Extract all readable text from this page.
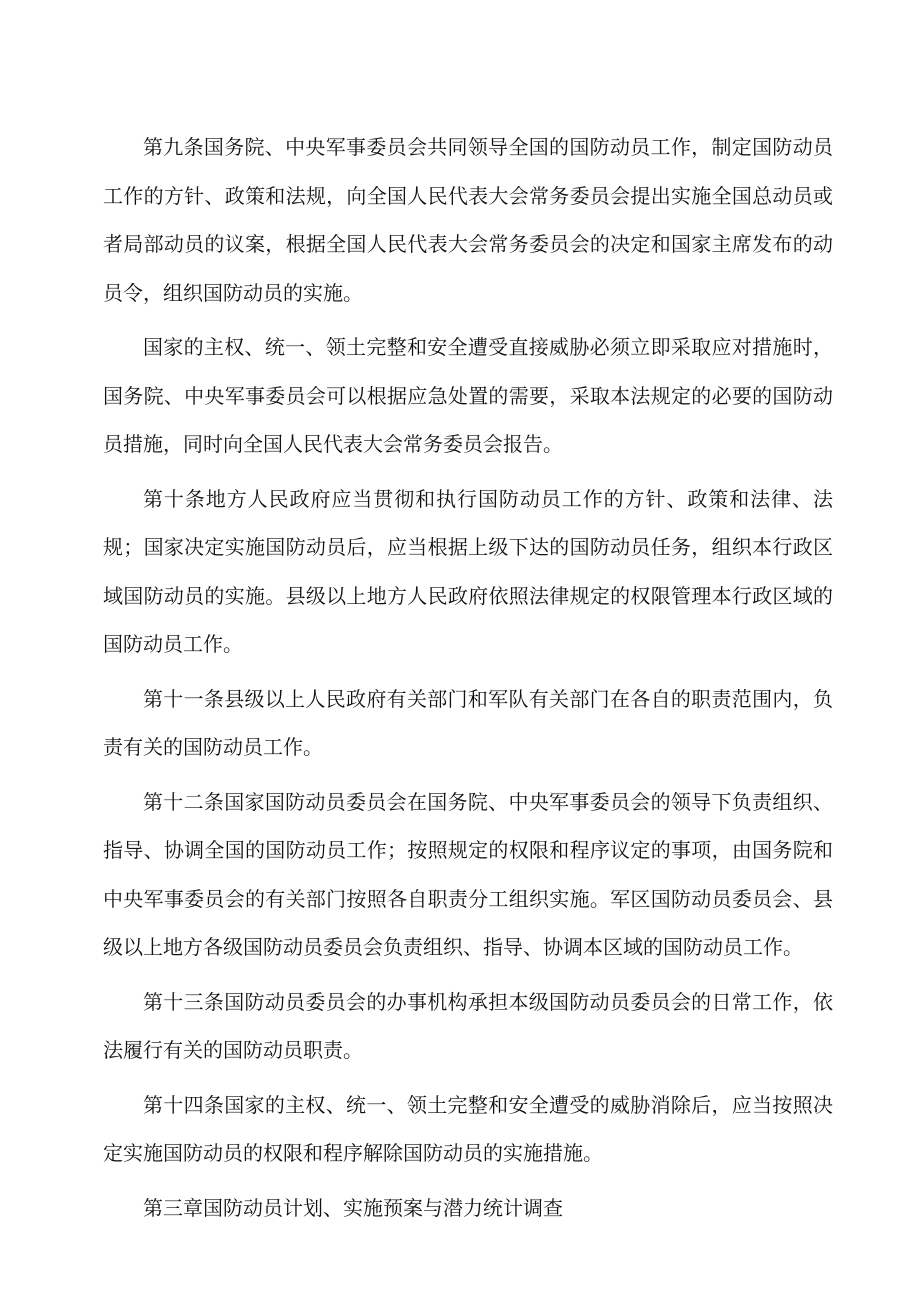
第九条国务院、中央军事委员会共同领导全国的国防动员工作，制定国防动员工作的方针、政策和法规，向全国人民代表大会常务委员会提出实施全国总动员或者局部动员的议案，根据全国人民代表大会常务委员会的决定和国家主席发布的动员令，组织国防动员的实施。

国家的主权、统一、领土完整和安全遭受直接威胁必须立即采取应对措施时，国务院、中央军事委员会可以根据应急处置的需要，采取本法规定的必要的国防动员措施，同时向全国人民代表大会常务委员会报告。

第十条地方人民政府应当贯彻和执行国防动员工作的方针、政策和法律、法规；国家决定实施国防动员后，应当根据上级下达的国防动员任务，组织本行政区域国防动员的实施。县级以上地方人民政府依照法律规定的权限管理本行政区域的国防动员工作。

第十一条县级以上人民政府有关部门和军队有关部门在各自的职责范围内，负责有关的国防动员工作。

第十二条国家国防动员委员会在国务院、中央军事委员会的领导下负责组织、指导、协调全国的国防动员工作；按照规定的权限和程序议定的事项，由国务院和中央军事委员会的有关部门按照各自职责分工组织实施。军区国防动员委员会、县级以上地方各级国防动员委员会负责组织、指导、协调本区域的国防动员工作。

第十三条国防动员委员会的办事机构承担本级国防动员委员会的日常工作，依法履行有关的国防动员职责。

第十四条国家的主权、统一、领土完整和安全遭受的威胁消除后，应当按照决定实施国防动员的权限和程序解除国防动员的实施措施。

第三章国防动员计划、实施预案与潜力统计调查
